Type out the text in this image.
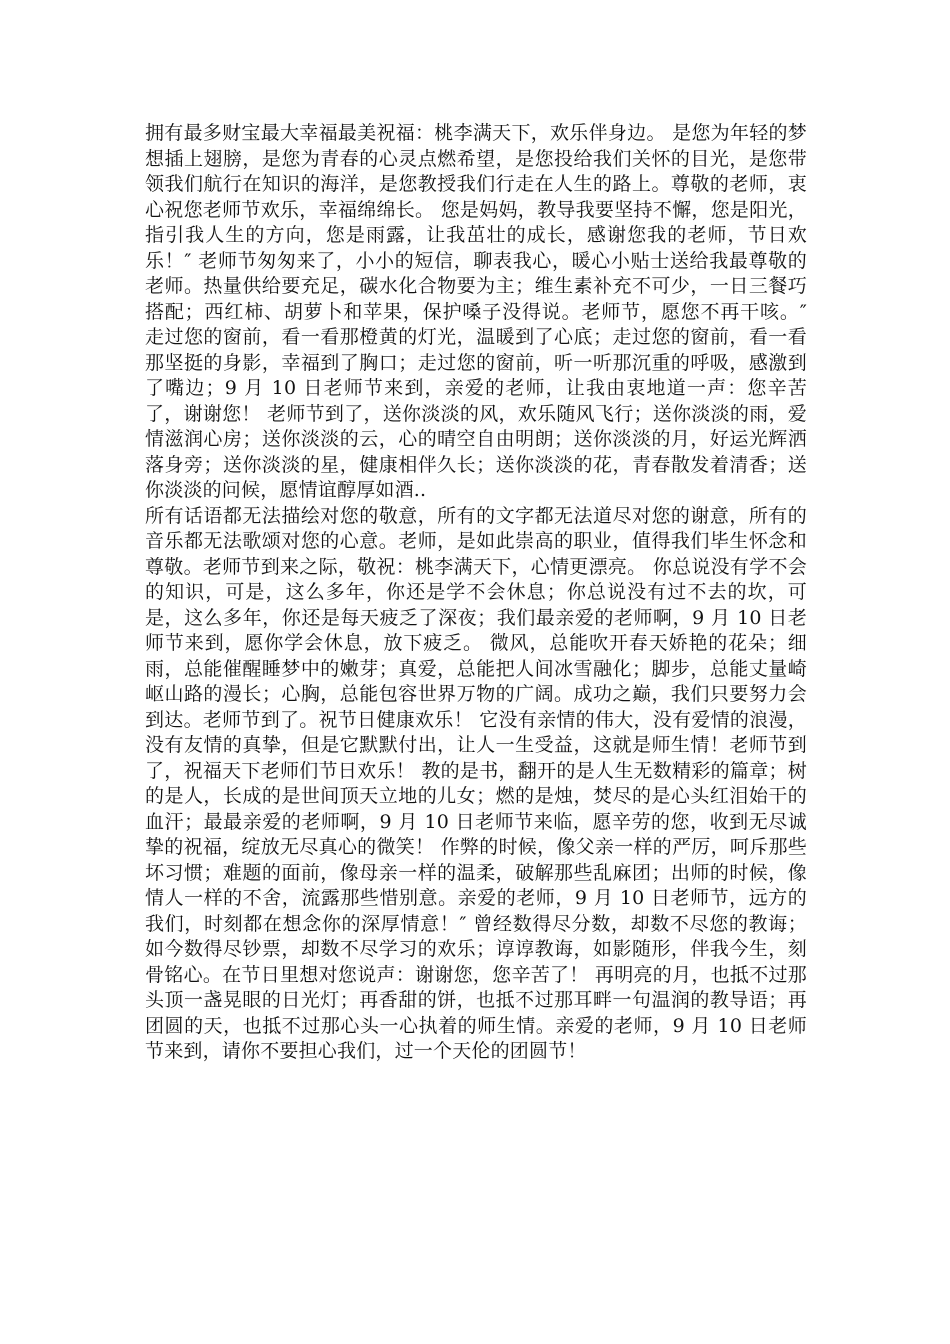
拥有最多财宝最大幸福最美祝福：桃李满天下，欢乐伴身边。 是您为年轻的梦想插上翅膀，是您为青春的心灵点燃希望，是您投给我们关怀的目光，是您带领我们航行在知识的海洋，是您教授我们行走在人生的路上。尊敬的老师，衷心祝您老师节欢乐，幸福绵绵长。 您是妈妈，教导我要坚持不懈，您是阳光，指引我人生的方向，您是雨露，让我茁壮的成长，感谢您我的老师，节日欢乐！″ 老师节匆匆来了，小小的短信，聊表我心，暖心小贴士送给我最尊敬的老师。热量供给要充足，碳水化合物要为主；维生素补充不可少，一日三餐巧搭配；西红柿、胡萝卜和苹果，保护嗓子没得说。老师节，愿您不再干咳。″ 走过您的窗前，看一看那橙黄的灯光，温暖到了心底；走过您的窗前，看一看那坚挺的身影，幸福到了胸口；走过您的窗前，听一听那沉重的呼吸，感激到了嘴边；9 月 10 日老师节来到，亲爱的老师，让我由衷地道一声：您辛苦了，谢谢您！ 老师节到了，送你淡淡的风，欢乐随风飞行；送你淡淡的雨，爱情滋润心房；送你淡淡的云，心的晴空自由明朗；送你淡淡的月，好运光辉洒落身旁；送你淡淡的星，健康相伴久长；送你淡淡的花，青春散发着清香；送你淡淡的问候，愿情谊醇厚如酒..

所有话语都无法描绘对您的敬意，所有的文字都无法道尽对您的谢意，所有的音乐都无法歌颂对您的心意。老师，是如此崇高的职业，值得我们毕生怀念和尊敬。老师节到来之际，敬祝：桃李满天下，心情更漂亮。 你总说没有学不会的知识，可是，这么多年，你还是学不会休息；你总说没有过不去的坎，可是，这么多年，你还是每天疲乏了深夜；我们最亲爱的老师啊，9 月 10 日老师节来到，愿你学会休息，放下疲乏。 微风，总能吹开春天娇艳的花朵；细雨，总能催醒睡梦中的嫩芽；真爱，总能把人间冰雪融化；脚步，总能丈量崎岖山路的漫长；心胸，总能包容世界万物的广阔。成功之巅，我们只要努力会到达。老师节到了。祝节日健康欢乐！ 它没有亲情的伟大，没有爱情的浪漫，没有友情的真挚，但是它默默付出，让人一生受益，这就是师生情！老师节到了，祝福天下老师们节日欢乐！ 教的是书，翻开的是人生无数精彩的篇章；树的是人，长成的是世间顶天立地的儿女；燃的是烛，焚尽的是心头红泪始干的血汗；最最亲爱的老师啊，9 月 10 日老师节来临，愿辛劳的您，收到无尽诚挚的祝福，绽放无尽真心的微笑！ 作弊的时候，像父亲一样的严厉，呵斥那些坏习惯；难题的面前，像母亲一样的温柔，破解那些乱麻团；出师的时候，像情人一样的不舍，流露那些惜别意。亲爱的老师，9 月 10 日老师节，远方的我们，时刻都在想念你的深厚情意！″ 曾经数得尽分数，却数不尽您的教诲；如今数得尽钞票，却数不尽学习的欢乐；谆谆教诲，如影随形，伴我今生，刻骨铭心。在节日里想对您说声：谢谢您，您辛苦了！ 再明亮的月，也抵不过那头顶一盏晃眼的日光灯；再香甜的饼，也抵不过那耳畔一句温润的教导语；再团圆的天，也抵不过那心头一心执着的师生情。亲爱的老师，9 月 10 日老师节来到，请你不要担心我们，过一个天伦的团圆节！
